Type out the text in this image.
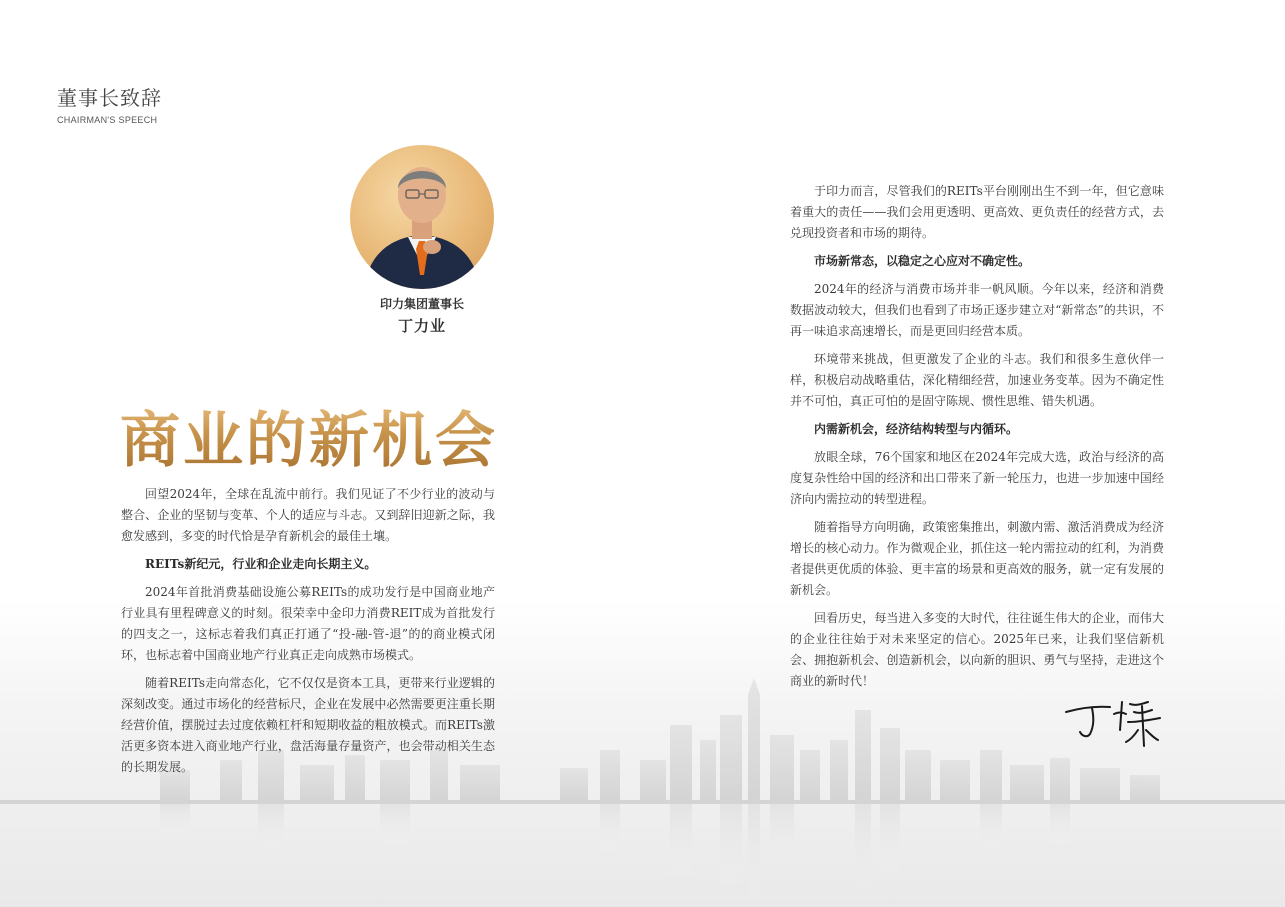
董事长致辞
CHAIRMAN'S SPEECH
印力集团董事长
丁力业
商业的新机会

回望2024年，全球在乱流中前行。我们见证了不少行业的波动与整合、企业的坚韧与变革、个人的适应与斗志。又到辞旧迎新之际，我愈发感到，多变的时代恰是孕育新机会的最佳土壤。

REITs新纪元，行业和企业走向长期主义。

2024年首批消费基础设施公募REITs的成功发行是中国商业地产行业具有里程碑意义的时刻。很荣幸中金印力消费REIT成为首批发行的四支之一，这标志着我们真正打通了“投-融-管-退”的的商业模式闭环，也标志着中国商业地产行业真正走向成熟市场模式。

随着REITs走向常态化，它不仅仅是资本工具，更带来行业逻辑的深刻改变。通过市场化的经营标尺，企业在发展中必然需要更注重长期经营价值，摆脱过去过度依赖杠杆和短期收益的粗放模式。而REITs激活更多资本进入商业地产行业，盘活海量存量资产，也会带动相关生态的长期发展。

于印力而言，尽管我们的REITs平台刚刚出生不到一年，但它意味着重大的责任——我们会用更透明、更高效、更负责任的经营方式，去兑现投资者和市场的期待。

市场新常态，以稳定之心应对不确定性。

2024年的经济与消费市场并非一帆风顺。今年以来，经济和消费数据波动较大，但我们也看到了市场正逐步建立对“新常态”的共识，不再一味追求高速增长，而是更回归经营本质。

环境带来挑战，但更激发了企业的斗志。我们和很多生意伙伴一样，积极启动战略重估，深化精细经营，加速业务变革。因为不确定性并不可怕，真正可怕的是固守陈规、惯性思维、错失机遇。

内需新机会，经济结构转型与内循环。

放眼全球，76个国家和地区在2024年完成大选，政治与经济的高度复杂性给中国的经济和出口带来了新一轮压力，也进一步加速中国经济向内需拉动的转型进程。

随着指导方向明确，政策密集推出，刺激内需、激活消费成为经济增长的核心动力。作为微观企业，抓住这一轮内需拉动的红利，为消费者提供更优质的体验、更丰富的场景和更高效的服务，就一定有发展的新机会。

回看历史，每当进入多变的大时代，往往诞生伟大的企业，而伟大的企业往往始于对未来坚定的信心。2025年已来，让我们坚信新机会、拥抱新机会、创造新机会，以向新的胆识、勇气与坚持，走进这个商业的新时代！
